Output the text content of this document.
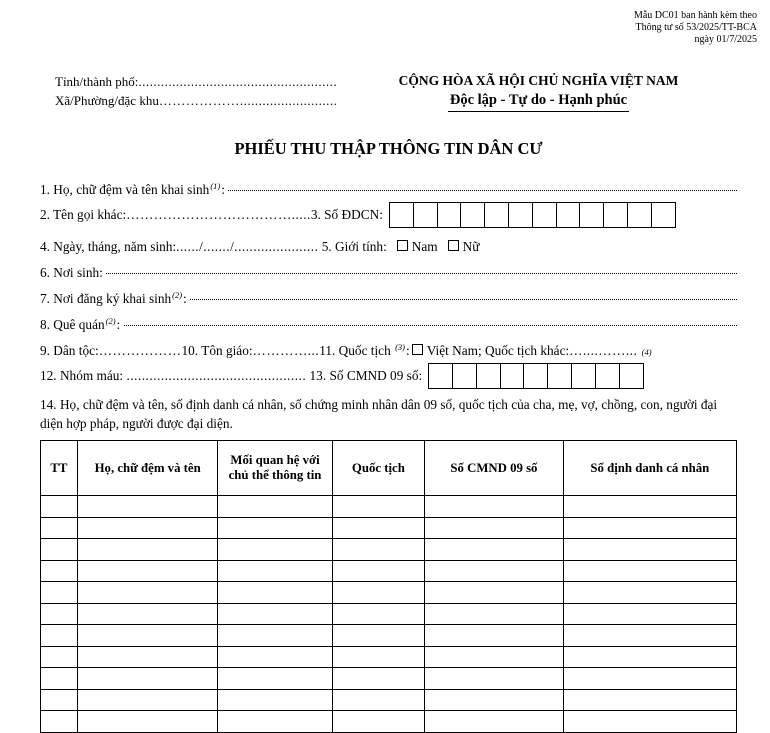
Mẫu DC01 ban hành kèm theo
Thông tư số 53/2025/TT-BCA
ngày 01/7/2025
Tỉnh/thành phố: .....................................................
Xã/Phường/đặc khu ………………..........................
CỘNG HÒA XÃ HỘI CHỦ NGHĨA VIỆT NAM
Độc lập - Tự do - Hạnh phúc
PHIẾU THU THẬP THÔNG TIN DÂN CƯ
1. Họ, chữ đệm và tên khai sinh$^{(1)}$:
2. Tên gọi khác: ………………………………..... 3. Số ĐDCN:
4. Ngày, tháng, năm sinh: ....../......./...................... 5. Giới tính: Nam Nữ
6. Nơi sinh:
7. Nơi đăng ký khai sinh$^{(2)}$:
8. Quê quán$^{(2)}$:
9. Dân tộc: ……………… 10. Tôn giáo: …………... 11. Quốc tịch $^{(3)}$: Việt Nam; Quốc tịch khác: …....……...
(4)
12. Nhóm máu: ............................................... 13. Số CMND 09 số:
14. Họ, chữ đệm và tên, số định danh cá nhân, số chứng minh nhân dân 09 số, quốc tịch của cha, mẹ, vợ, chồng, con, người đại diện hợp pháp, người được đại diện.
TT	Họ, chữ đệm và tên	Mối quan hệ với chủ thể thông tin	Quốc tịch	Số CMND 09 số	Số định danh cá nhân
